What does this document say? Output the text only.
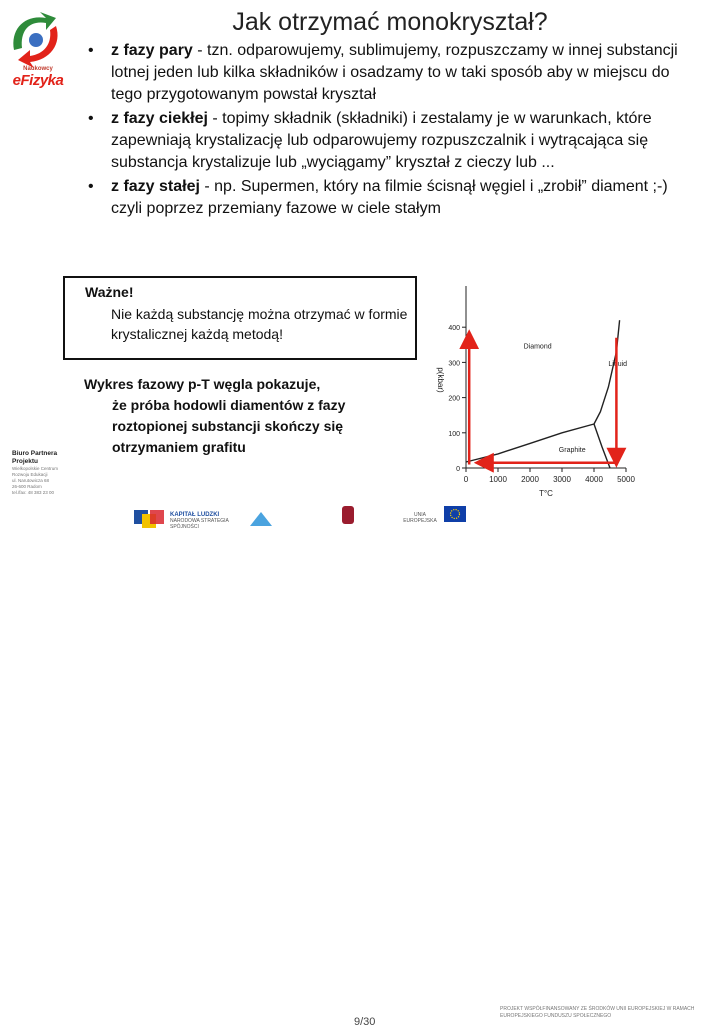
Naukowcy
eFizyka
Biuro Partnera Projektu
Wielkopolskie Centrum
Rozwoju Edukacji
ul. Narutowicza 68
26-600 Radom
tel./fax: 48 383 23 00
Jak otrzymać monokryształ?
• z fazy pary - tzn. odparowujemy, sublimujemy, rozpuszczamy w innej substancji lotnej jeden lub kilka składników i osadzamy to w taki sposób aby w miejscu do tego przygotowanym powstał kryształ
• z fazy ciekłej - topimy składnik (składniki) i zestalamy je w warunkach, które zapewniają krystalizację lub odparowujemy rozpuszczalnik i wytrącająca się substancja krystalizuje lub „wyciągamy” kryształ z cieczy lub ...
• z fazy stałej - np. Supermen, który na filmie ścisnął węgiel i „zrobił” diament ;-) czyli poprzez przemiany fazowe w ciele stałym
Ważne!
Nie każdą substancję można otrzymać w formie krystalicznej każdą metodą!
Wykres fazowy p-T węgla pokazuje,
że próba hodowli diamentów z fazy
roztopionej substancji skończy się
otrzymaniem grafitu
0	1000 2000 3000 4000 5000
0
100
200
300
400
T°C
p(kbar)
Diamond
Liquid
Graphite
KAPITAŁ LUDZKI
NARODOWA STRATEGIA SPÓJNOŚCI
9/30
PROJEKT WSPÓŁFINANSOWANY ZE ŚRODKÓW UNII EUROPEJSKIEJ W RAMACH EUROPEJSKIEGO FUNDUSZU SPOŁECZNEGO
UNIA EUROPEJSKA
